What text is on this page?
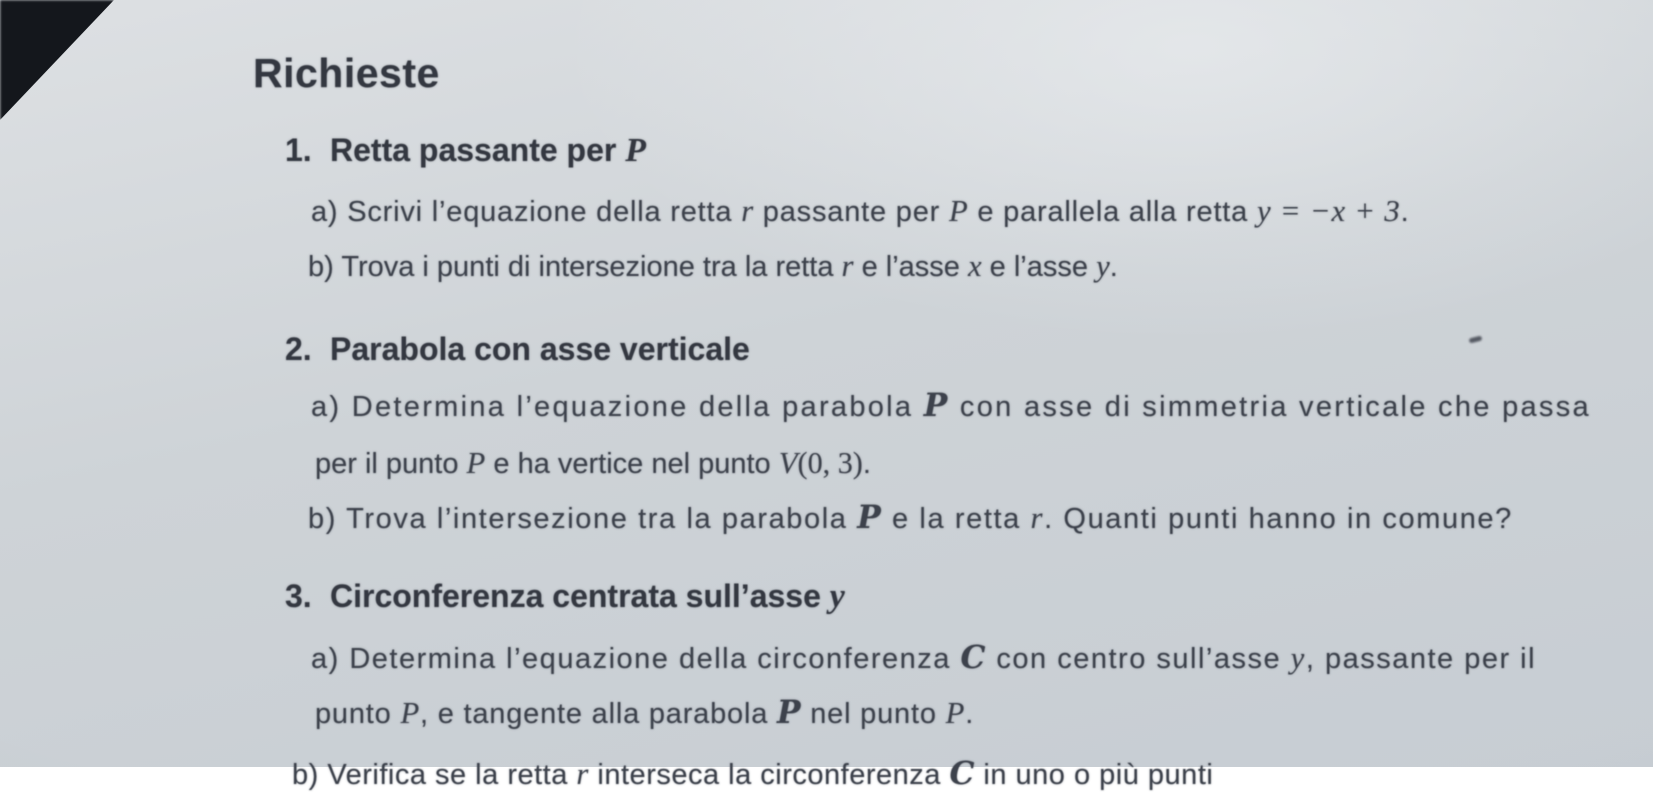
Richieste
1. Retta passante per P
a) Scrivi l’equazione della retta r passante per P e parallela alla retta y = −x + 3.
b) Trova i punti di intersezione tra la retta r e l’asse x e l’asse y.
2. Parabola con asse verticale
a) Determina l’equazione della parabola P con asse di simmetria verticale che passa
per il punto P e ha vertice nel punto V(0, 3).
b) Trova l’intersezione tra la parabola P e la retta r. Quanti punti hanno in comune?
3. Circonferenza centrata sull’asse y
a) Determina l’equazione della circonferenza C con centro sull’asse y, passante per il
punto P, e tangente alla parabola P nel punto P.
b) Verifica se la retta r interseca la circonferenza C in uno o più punti
